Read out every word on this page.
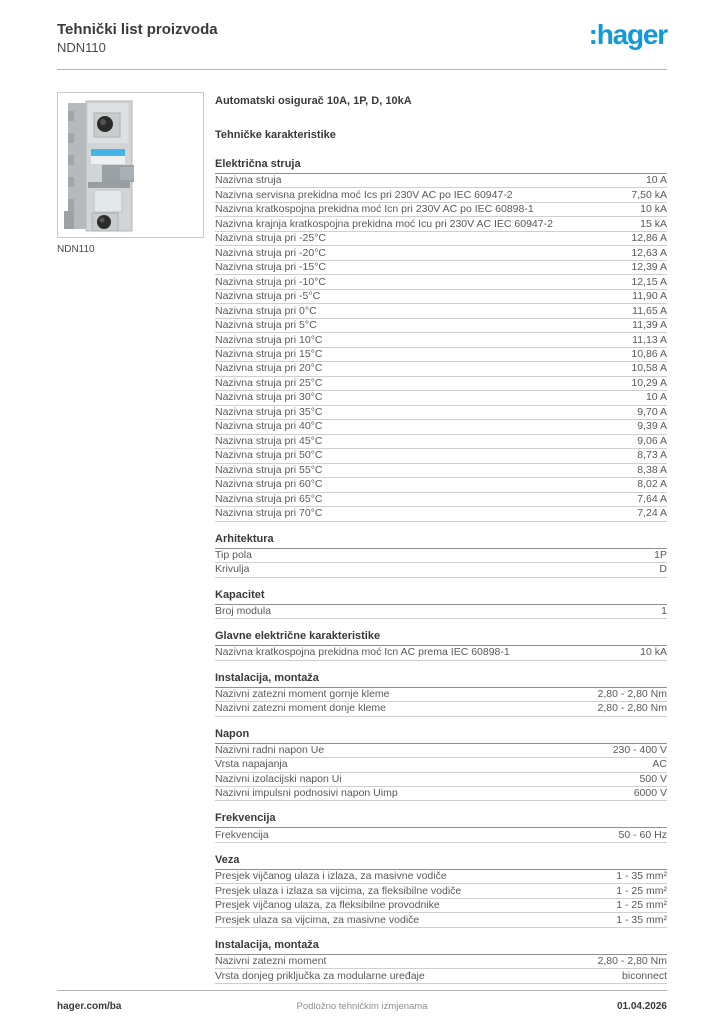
Tehnički list proizvoda
NDN110	:hager
NDN110
Automatski osigurač 10A, 1P, D, 10kA
Tehničke karakteristike
Električna struja
Nazivna struja	10 A
Nazivna servisna prekidna moć Ics pri 230V AC po IEC 60947-2	7,50 kA
Nazivna kratkospojna prekidna moć Icn pri 230V AC po IEC 60898-1	10 kA
Nazivna krajnja kratkospojna prekidna moć Icu pri 230V AC IEC 60947-2	15 kA
Nazivna struja pri -25°C	12,86 A
Nazivna struja pri -20°C	12,63 A
Nazivna struja pri -15°C	12,39 A
Nazivna struja pri -10°C	12,15 A
Nazivna struja pri -5°C	11,90 A
Nazivna struja pri 0°C	11,65 A
Nazivna struja pri 5°C	11,39 A
Nazivna struja pri 10°C	11,13 A
Nazivna struja pri 15°C	10,86 A
Nazivna struja pri 20°C	10,58 A
Nazivna struja pri 25°C	10,29 A
Nazivna struja pri 30°C	10 A
Nazivna struja pri 35°C	9,70 A
Nazivna struja pri 40°C	9,39 A
Nazivna struja pri 45°C	9,06 A
Nazivna struja pri 50°C	8,73 A
Nazivna struja pri 55°C	8,38 A
Nazivna struja pri 60°C	8,02 A
Nazivna struja pri 65°C	7,64 A
Nazivna struja pri 70°C	7,24 A
Arhitektura
Tip pola	1P
Krivulja	D
Kapacitet
Broj modula	1
Glavne električne karakteristike
Nazivna kratkospojna prekidna moć Icn AC prema IEC 60898-1	10 kA
Instalacija, montaža
Nazivni zatezni moment gornje kleme	2,80 - 2,80 Nm
Nazivni zatezni moment donje kleme	2,80 - 2,80 Nm
Napon
Nazivni radni napon Ue	230 - 400 V
Vrsta napajanja	AC
Nazivni izolacijski napon Ui	500 V
Nazivni impulsni podnosivi napon Uimp	6000 V
Frekvencija
Frekvencija	50 - 60 Hz
Veza
Presjek vijčanog ulaza i izlaza, za masivne vodiče	1 - 35 mm²
Presjek ulaza i izlaza sa vijcima, za fleksibilne vodiče	1 - 25 mm²
Presjek vijčanog ulaza, za fleksibilne provodnike	1 - 25 mm²
Presjek ulaza sa vijcima, za masivne vodiče	1 - 35 mm²
Instalacija, montaža
Nazivni zatezni moment	2,80 - 2,80 Nm
Vrsta donjeg priključka za modularne uređaje	biconnect
hager.com/ba	Podložno tehničkim izmjenama	01.04.2026
